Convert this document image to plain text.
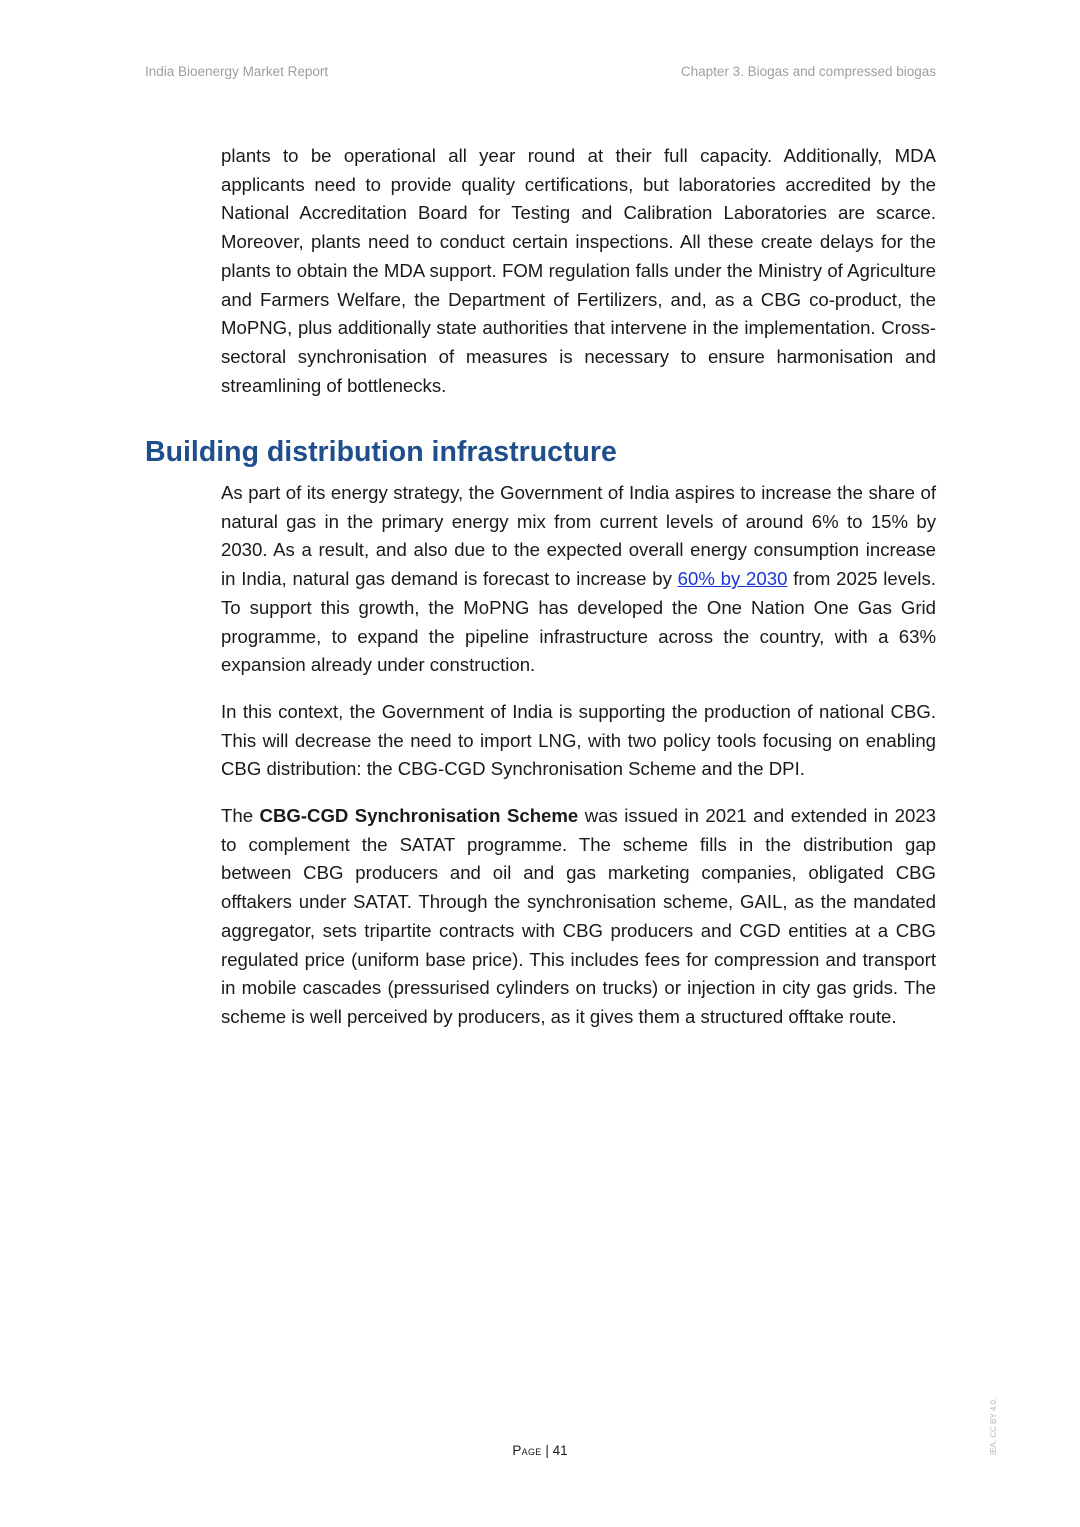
India Bioenergy Market Report	Chapter 3. Biogas and compressed biogas

plants to be operational all year round at their full capacity. Additionally, MDA applicants need to provide quality certifications, but laboratories accredited by the National Accreditation Board for Testing and Calibration Laboratories are scarce. Moreover, plants need to conduct certain inspections. All these create delays for the plants to obtain the MDA support. FOM regulation falls under the Ministry of Agriculture and Farmers Welfare, the Department of Fertilizers, and, as a CBG co-product, the MoPNG, plus additionally state authorities that intervene in the implementation. Cross-sectoral synchronisation of measures is necessary to ensure harmonisation and streamlining of bottlenecks.

Building distribution infrastructure

As part of its energy strategy, the Government of India aspires to increase the share of natural gas in the primary energy mix from current levels of around 6% to 15% by 2030. As a result, and also due to the expected overall energy consumption increase in India, natural gas demand is forecast to increase by 60% by 2030 from 2025 levels. To support this growth, the MoPNG has developed the One Nation One Gas Grid programme, to expand the pipeline infrastructure across the country, with a 63% expansion already under construction.

In this context, the Government of India is supporting the production of national CBG. This will decrease the need to import LNG, with two policy tools focusing on enabling CBG distribution: the CBG-CGD Synchronisation Scheme and the DPI.

The CBG-CGD Synchronisation Scheme was issued in 2021 and extended in 2023 to complement the SATAT programme. The scheme fills in the distribution gap between CBG producers and oil and gas marketing companies, obligated CBG offtakers under SATAT. Through the synchronisation scheme, GAIL, as the mandated aggregator, sets tripartite contracts with CBG producers and CGD entities at a CBG regulated price (uniform base price). This includes fees for compression and transport in mobile cascades (pressurised cylinders on trucks) or injection in city gas grids. The scheme is well perceived by producers, as it gives them a structured offtake route.

Page | 41	IEA. CC BY 4.0.
